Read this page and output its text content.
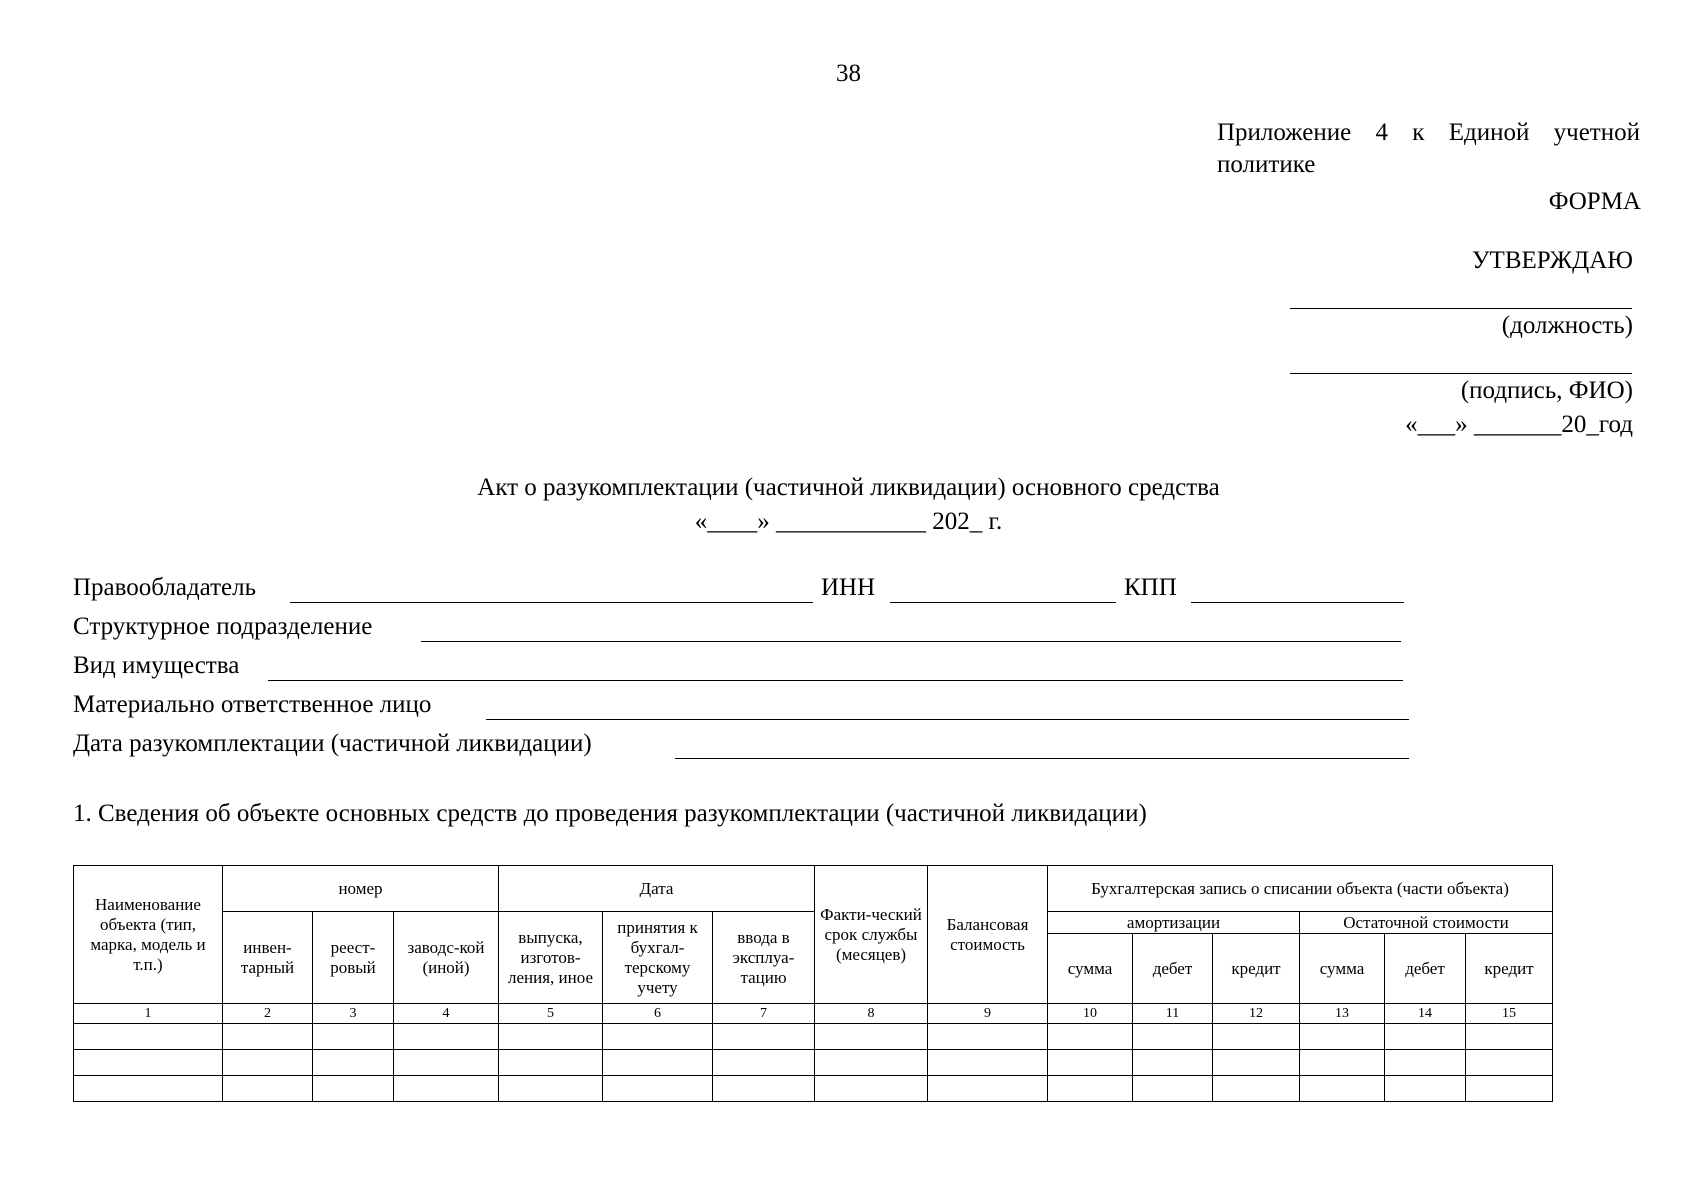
38
Приложение 4 к Единой учетной политике
ФОРМА
УТВЕРЖДАЮ
(должность)
(подпись, ФИО)
«___» _______20_год
Акт о разукомплектации (частичной ликвидации) основного средства
«____» ____________ 202_ г.
Правообладатель	ИНН	КПП
Структурное подразделение
Вид имущества
Материально ответственное лицо
Дата разукомплектации (частичной ликвидации)
1. Сведения об объекте основных средств до проведения разукомплектации (частичной ликвидации)
Наименование объекта (тип, марка, модель и т.п.)	номер			Дата			Факти-ческий срок службы (месяцев)	Балансовая стоимость	Бухгалтерская запись о списании объекта (части объекта)					
	инвен-тарный	реест-ровый	заводс-кой (иной)	выпуска, изготов-ления, иное	принятия к бухгал-терскому учету	ввода в эксплуа-тацию			амортизации			Остаточной стоимости		
									сумма	дебет	кредит	сумма	дебет	кредит
1	2	3	4	5	6	7	8	9	10	11	12	13	14	15
